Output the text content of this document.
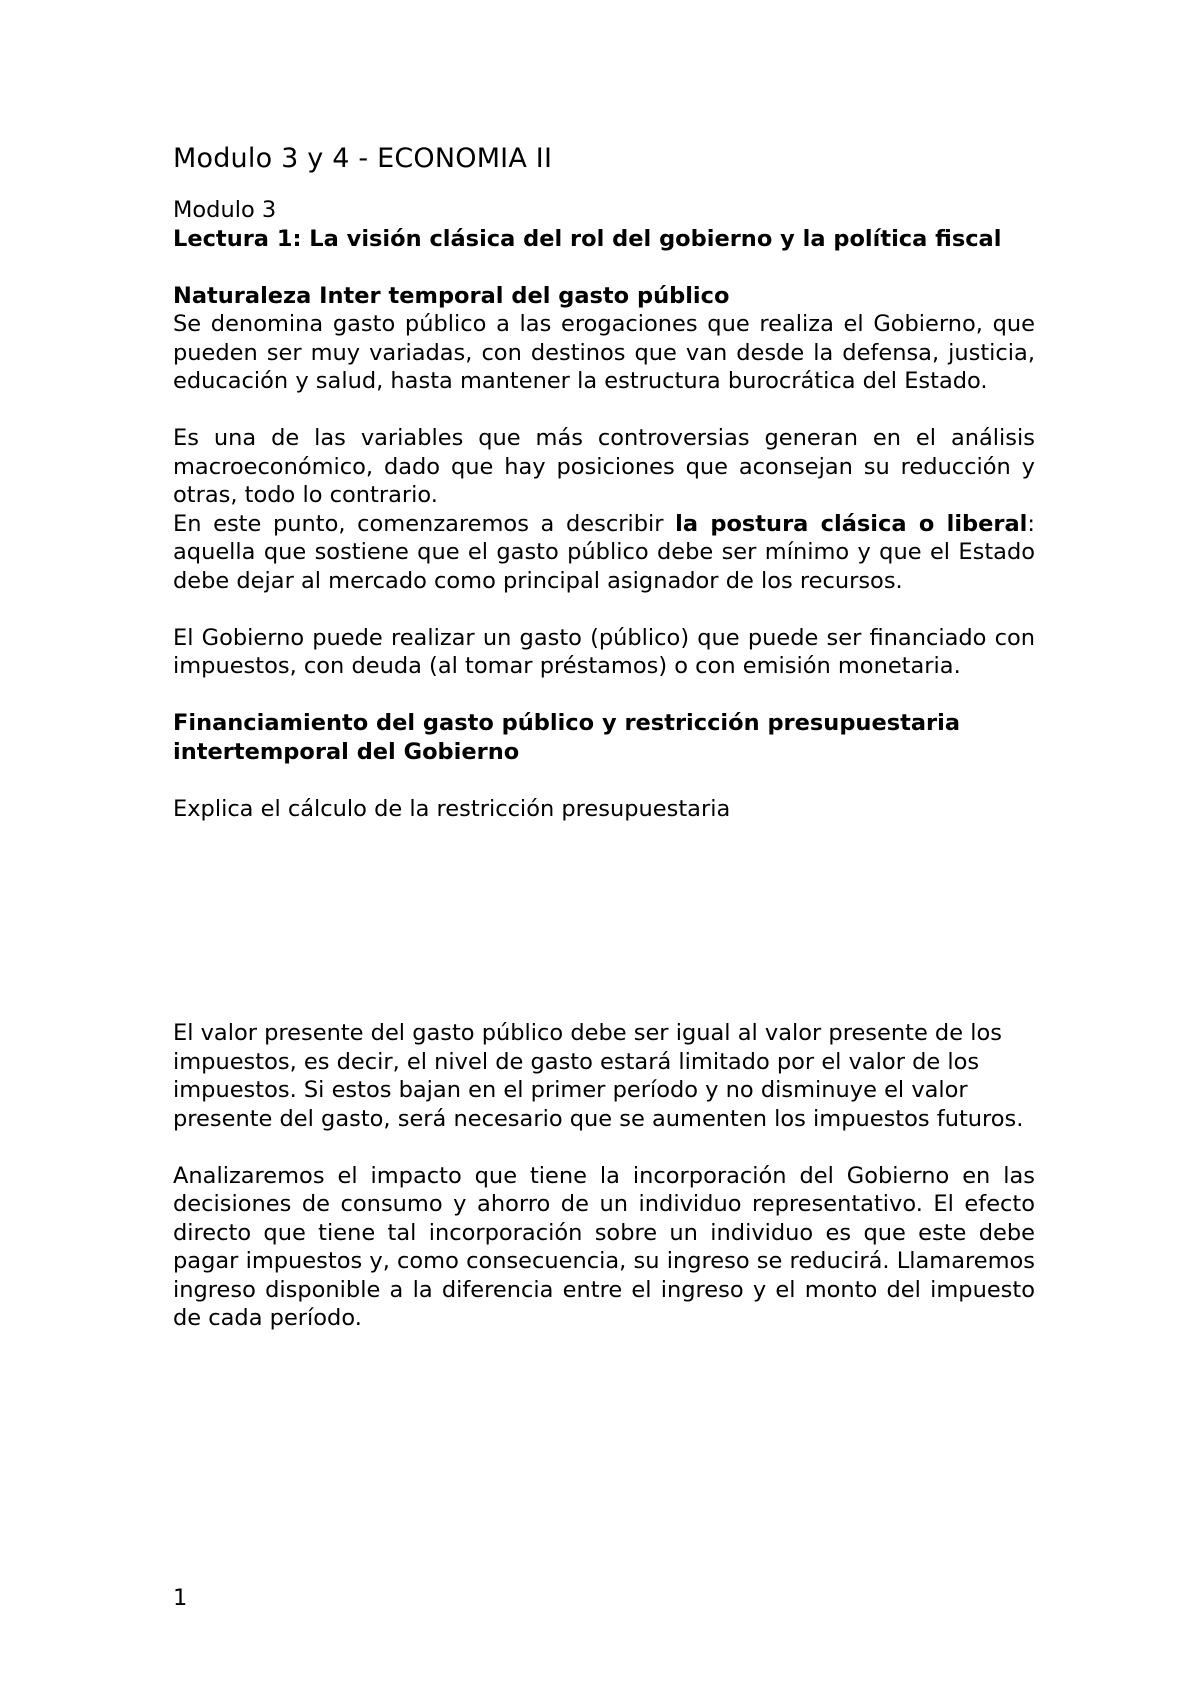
Modulo 3 y 4 - ECONOMIA II

Modulo 3

Lectura 1: La visión clásica del rol del gobierno y la política fiscal

Naturaleza Inter temporal del gasto público

Se denomina gasto público a las erogaciones que realiza el Gobierno, que pueden ser muy variadas, con destinos que van desde la defensa, justicia, educación y salud, hasta mantener la estructura burocrática del Estado.

Es una de las variables que más controversias generan en el análisis macroeconómico, dado que hay posiciones que aconsejan su reducción y otras, todo lo contrario.

En este punto, comenzaremos a describir la postura clásica o liberal: aquella que sostiene que el gasto público debe ser mínimo y que el Estado debe dejar al mercado como principal asignador de los recursos.

El Gobierno puede realizar un gasto (público) que puede ser financiado con impuestos, con deuda (al tomar préstamos) o con emisión monetaria.

Financiamiento del gasto público y restricción presupuestaria intertemporal del Gobierno

Explica el cálculo de la restricción presupuestaria

El valor presente del gasto público debe ser igual al valor presente de los impuestos, es decir, el nivel de gasto estará limitado por el valor de los impuestos. Si estos bajan en el primer período y no disminuye el valor presente del gasto, será necesario que se aumenten los impuestos futuros.

Analizaremos el impacto que tiene la incorporación del Gobierno en las decisiones de consumo y ahorro de un individuo representativo. El efecto directo que tiene tal incorporación sobre un individuo es que este debe pagar impuestos y, como consecuencia, su ingreso se reducirá. Llamaremos ingreso disponible a la diferencia entre el ingreso y el monto del impuesto de cada período.

1
